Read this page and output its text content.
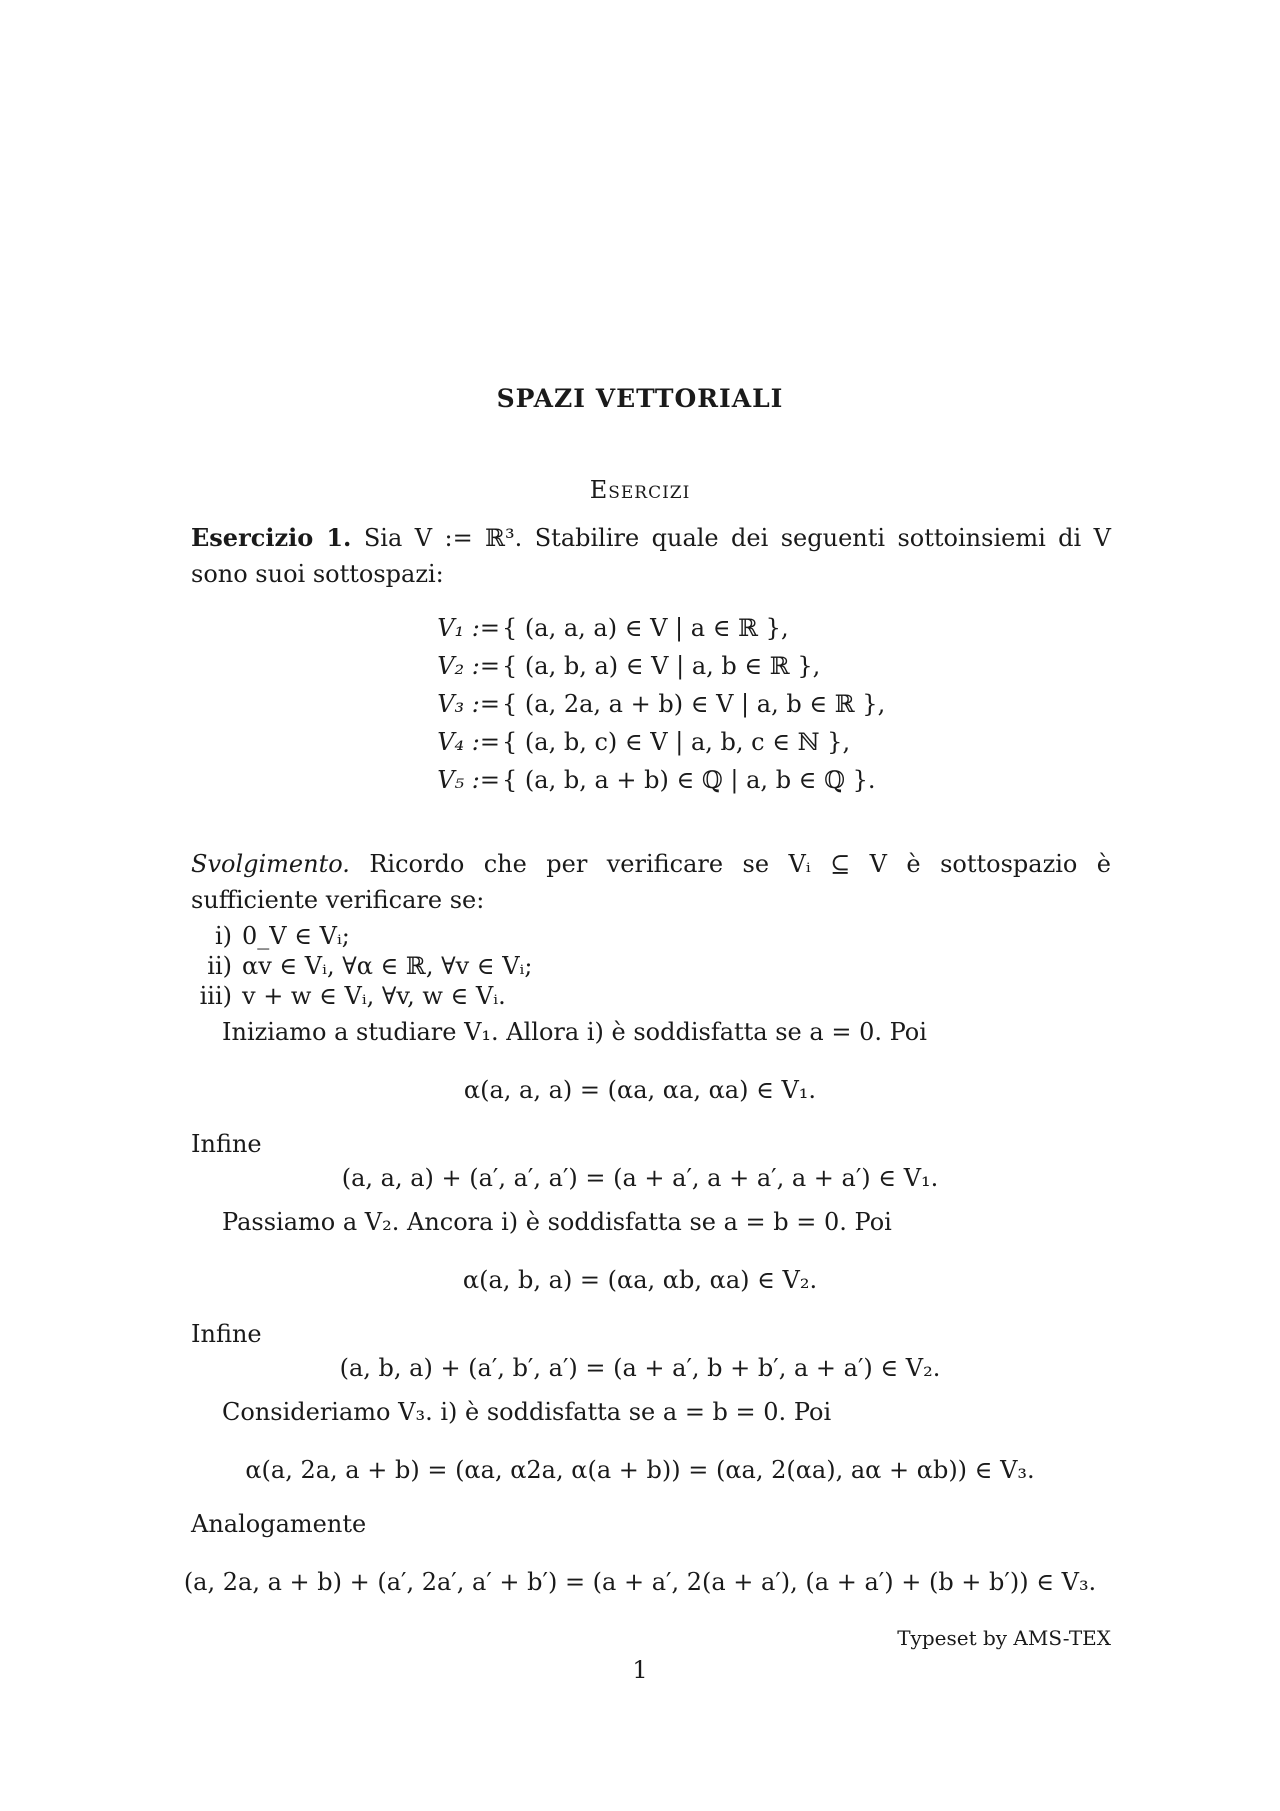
SPAZI VETTORIALI
Esercizi
Esercizio 1. Sia V := ℝ³. Stabilire quale dei seguenti sottoinsiemi di V sono suoi sottospazi:
V₁ := { (a, a, a) ∈ V | a ∈ ℝ },
V₂ := { (a, b, a) ∈ V | a, b ∈ ℝ },
V₃ := { (a, 2a, a + b) ∈ V | a, b ∈ ℝ },
V₄ := { (a, b, c) ∈ V | a, b, c ∈ ℕ },
V₅ := { (a, b, a + b) ∈ ℚ | a, b ∈ ℚ }.
Svolgimento. Ricordo che per verificare se Vᵢ ⊆ V è sottospazio è sufficiente verificare se:
i) 0_V ∈ Vᵢ;
ii) αv ∈ Vᵢ, ∀α ∈ ℝ, ∀v ∈ Vᵢ;
iii) v + w ∈ Vᵢ, ∀v, w ∈ Vᵢ.
Iniziamo a studiare V₁. Allora i) è soddisfatta se a = 0. Poi
α(a, a, a) = (αa, αa, αa) ∈ V₁.
Infine
(a, a, a) + (a′, a′, a′) = (a + a′, a + a′, a + a′) ∈ V₁.
Passiamo a V₂. Ancora i) è soddisfatta se a = b = 0. Poi
α(a, b, a) = (αa, αb, αa) ∈ V₂.
Infine
(a, b, a) + (a′, b′, a′) = (a + a′, b + b′, a + a′) ∈ V₂.
Consideriamo V₃. i) è soddisfatta se a = b = 0. Poi
α(a, 2a, a + b) = (αa, α2a, α(a + b)) = (αa, 2(αa), aα + αb)) ∈ V₃.
Analogamente
(a, 2a, a + b) + (a′, 2a′, a′ + b′) = (a + a′, 2(a + a′), (a + a′) + (b + b′)) ∈ V₃.
Typeset by AMS-TEX
1
